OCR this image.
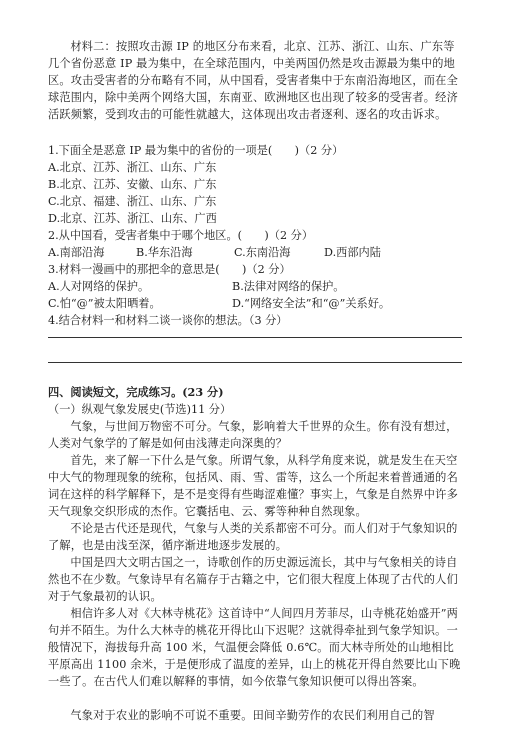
材料二：按照攻击源 IP 的地区分布来看，北京、江苏、浙江、山东、广东等几个省份恶意 IP 最为集中，在全球范围内，中美两国仍然是攻击源最为集中的地区。攻击受害者的分布略有不同，从中国看，受害者集中于东南沿海地区，而在全球范围内，除中美两个网络大国，东南亚、欧洲地区也出现了较多的受害者。经济活跃频繁，受到攻击的可能性就越大，这体现出攻击者逐利、逐名的攻击诉求。

1.下面全是恶意 IP 最为集中的省份的一项是(　　)（2 分）
A.北京、江苏、浙江、山东、广东
B.北京、江苏、安徽、山东、广东
C.北京、福建、浙江、山东、广东
D.北京、江苏、浙江、山东、广西
2.从中国看，受害者集中于哪个地区。(　　)（2 分）
A.南部沿海	B.华东沿海	C.东南沿海	D.西部内陆
3.材料一漫画中的那把伞的意思是(　　)（2 分）
A.人对网络的保护。	B.法律对网络的保护。
C.怕“@”被太阳晒着。	D.“网络安全法”和“@”关系好。
4.结合材料一和材料二谈一谈你的想法。（3 分）
四、阅读短文，完成练习。(23 分)
（一）纵观气象发展史(节选)11 分）

气象，与世间万物密不可分。气象，影响着大千世界的众生。你有没有想过，人类对气象学的了解是如何由浅薄走向深奥的？

首先，来了解一下什么是气象。所谓气象，从科学角度来说，就是发生在天空中大气的物理现象的统称，包括风、雨、雪、雷等，这么一个所起来着普通通的名词在这样的科学解释下，是不是变得有些晦涩难懂？事实上，气象是自然界中许多天气现象交织形成的杰作。它囊括电、云、雾等种种自然现象。

不论是古代还是现代，气象与人类的关系都密不可分。而人们对于气象知识的了解，也是由浅至深，循序渐进地逐步发展的。

中国是四大文明古国之一，诗歌创作的历史源远流长，其中与气象相关的诗自然也不在少数。气象诗早有名篇存于古籍之中，它们很大程度上体现了古代的人们对于气象最初的认识。

相信许多人对《大林寺桃花》这首诗中“人间四月芳菲尽，山寺桃花始盛开”两句并不陌生。为什么大林寺的桃花开得比山下迟呢？这就得牵扯到气象学知识。一般情况下，海拔每升高 100 米，气温便会降低 0.6℃。而大林寺所处的山地相比平原高出 1100 余米，于是便形成了温度的差异，山上的桃花开得自然要比山下晚一些了。在古代人们难以解释的事情，如今依靠气象知识便可以得出答案。

气象对于农业的影响不可说不重要。田间辛勤劳作的农民们利用自己的智
